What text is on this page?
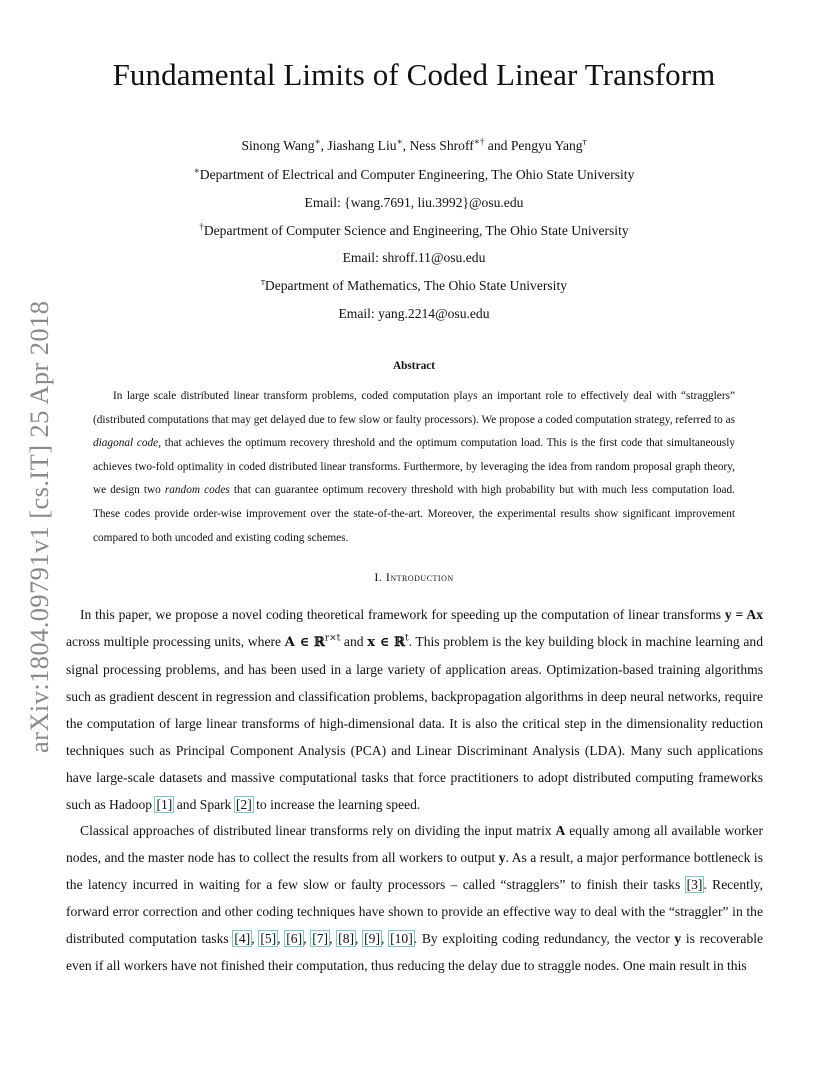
arXiv:1804.09791v1 [cs.IT] 25 Apr 2018
Fundamental Limits of Coded Linear Transform
Sinong Wang∗, Jiashang Liu∗, Ness Shroff∗† and Pengyu Yang$^ᴛ$
∗Department of Electrical and Computer Engineering, The Ohio State University
Email: {wang.7691, liu.3992}@osu.edu
†Department of Computer Science and Engineering, The Ohio State University
Email: shroff.11@osu.edu
$^ᴛ$Department of Mathematics, The Ohio State University
Email: yang.2214@osu.edu
Abstract

In large scale distributed linear transform problems, coded computation plays an important role to effectively deal with “stragglers” (distributed computations that may get delayed due to few slow or faulty processors). We propose a coded computation strategy, referred to as diagonal code, that achieves the optimum recovery threshold and the optimum computation load. This is the first code that simultaneously achieves two-fold optimality in coded distributed linear transforms. Furthermore, by leveraging the idea from random proposal graph theory, we design two random codes that can guarantee optimum recovery threshold with high probability but with much less computation load. These codes provide order-wise improvement over the state-of-the-art. Moreover, the experimental results show significant improvement compared to both uncoded and existing coding schemes.

I. Introduction

In this paper, we propose a novel coding theoretical framework for speeding up the computation of linear transforms y = Ax across multiple processing units, where A ∈ ℝ$^{r\times t}$ and x ∈ ℝ$^t$. This problem is the key building block in machine learning and signal processing problems, and has been used in a large variety of application areas. Optimization-based training algorithms such as gradient descent in regression and classification problems, backpropagation algorithms in deep neural networks, require the computation of large linear transforms of high-dimensional data. It is also the critical step in the dimensionality reduction techniques such as Principal Component Analysis (PCA) and Linear Discriminant Analysis (LDA). Many such applications have large-scale datasets and massive computational tasks that force practitioners to adopt distributed computing frameworks such as Hadoop [1] and Spark [2] to increase the learning speed.

Classical approaches of distributed linear transforms rely on dividing the input matrix A equally among all available worker nodes, and the master node has to collect the results from all workers to output y. As a result, a major performance bottleneck is the latency incurred in waiting for a few slow or faulty processors – called “stragglers” to finish their tasks [3]. Recently, forward error correction and other coding techniques have shown to provide an effective way to deal with the “straggler” in the distributed computation tasks [4], [5], [6], [7], [8], [9], [10]. By exploiting coding redundancy, the vector y is recoverable even if all workers have not finished their computation, thus reducing the delay due to straggle nodes. One main result in this
